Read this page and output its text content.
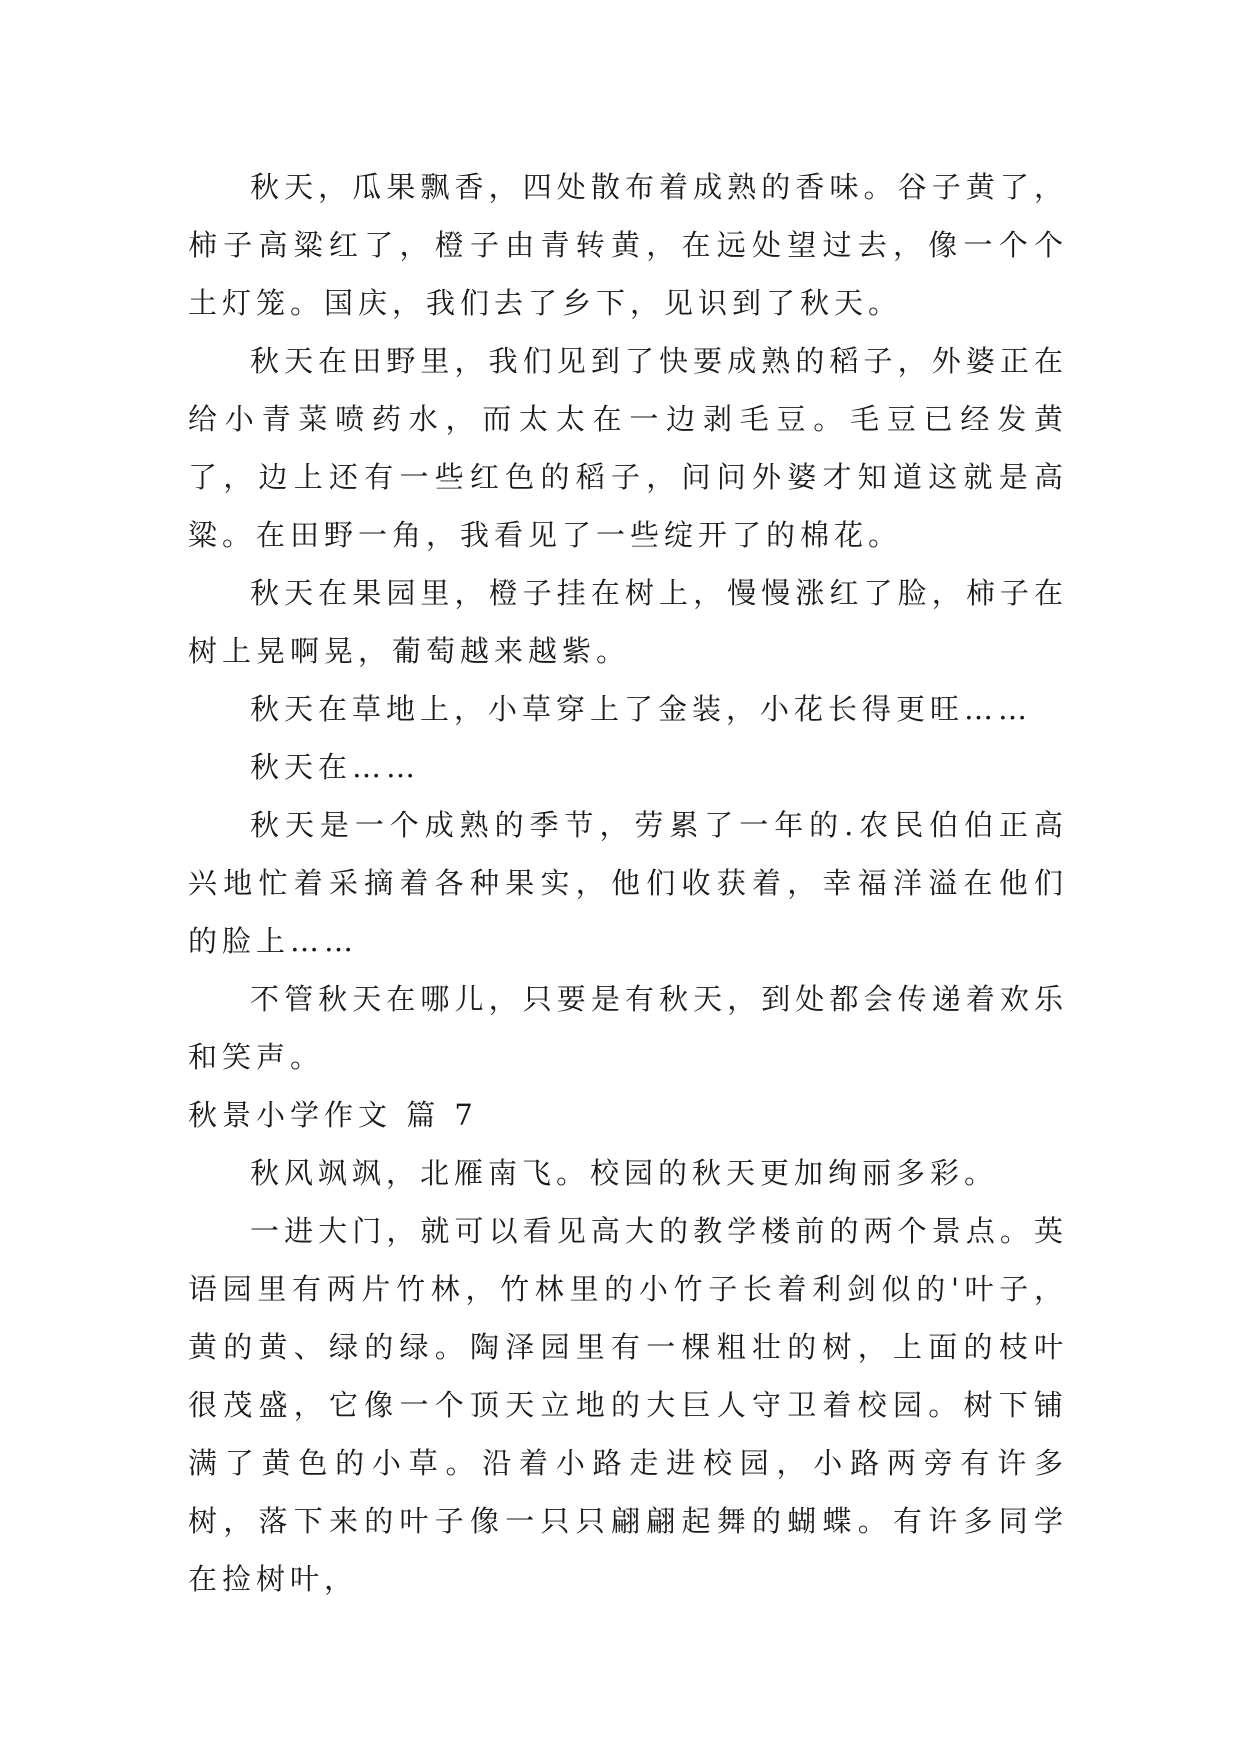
秋天，瓜果飘香，四处散布着成熟的香味。谷子黄了，柿子高粱红了，橙子由青转黄，在远处望过去，像一个个土灯笼。国庆，我们去了乡下，见识到了秋天。

秋天在田野里，我们见到了快要成熟的稻子，外婆正在给小青菜喷药水，而太太在一边剥毛豆。毛豆已经发黄了，边上还有一些红色的稻子，问问外婆才知道这就是高粱。在田野一角，我看见了一些绽开了的棉花。

秋天在果园里，橙子挂在树上，慢慢涨红了脸，柿子在树上晃啊晃，葡萄越来越紫。

秋天在草地上，小草穿上了金装，小花长得更旺……

秋天在……

秋天是一个成熟的季节，劳累了一年的.农民伯伯正高兴地忙着采摘着各种果实，他们收获着，幸福洋溢在他们的脸上……

不管秋天在哪儿，只要是有秋天，到处都会传递着欢乐和笑声。

秋景小学作文 篇 7

秋风飒飒，北雁南飞。校园的秋天更加绚丽多彩。

一进大门，就可以看见高大的教学楼前的两个景点。英语园里有两片竹林，竹林里的小竹子长着利剑似的'叶子，黄的黄、绿的绿。陶泽园里有一棵粗壮的树，上面的枝叶很茂盛，它像一个顶天立地的大巨人守卫着校园。树下铺满了黄色的小草。沿着小路走进校园，小路两旁有许多树，落下来的叶子像一只只翩翩起舞的蝴蝶。有许多同学在捡树叶，
